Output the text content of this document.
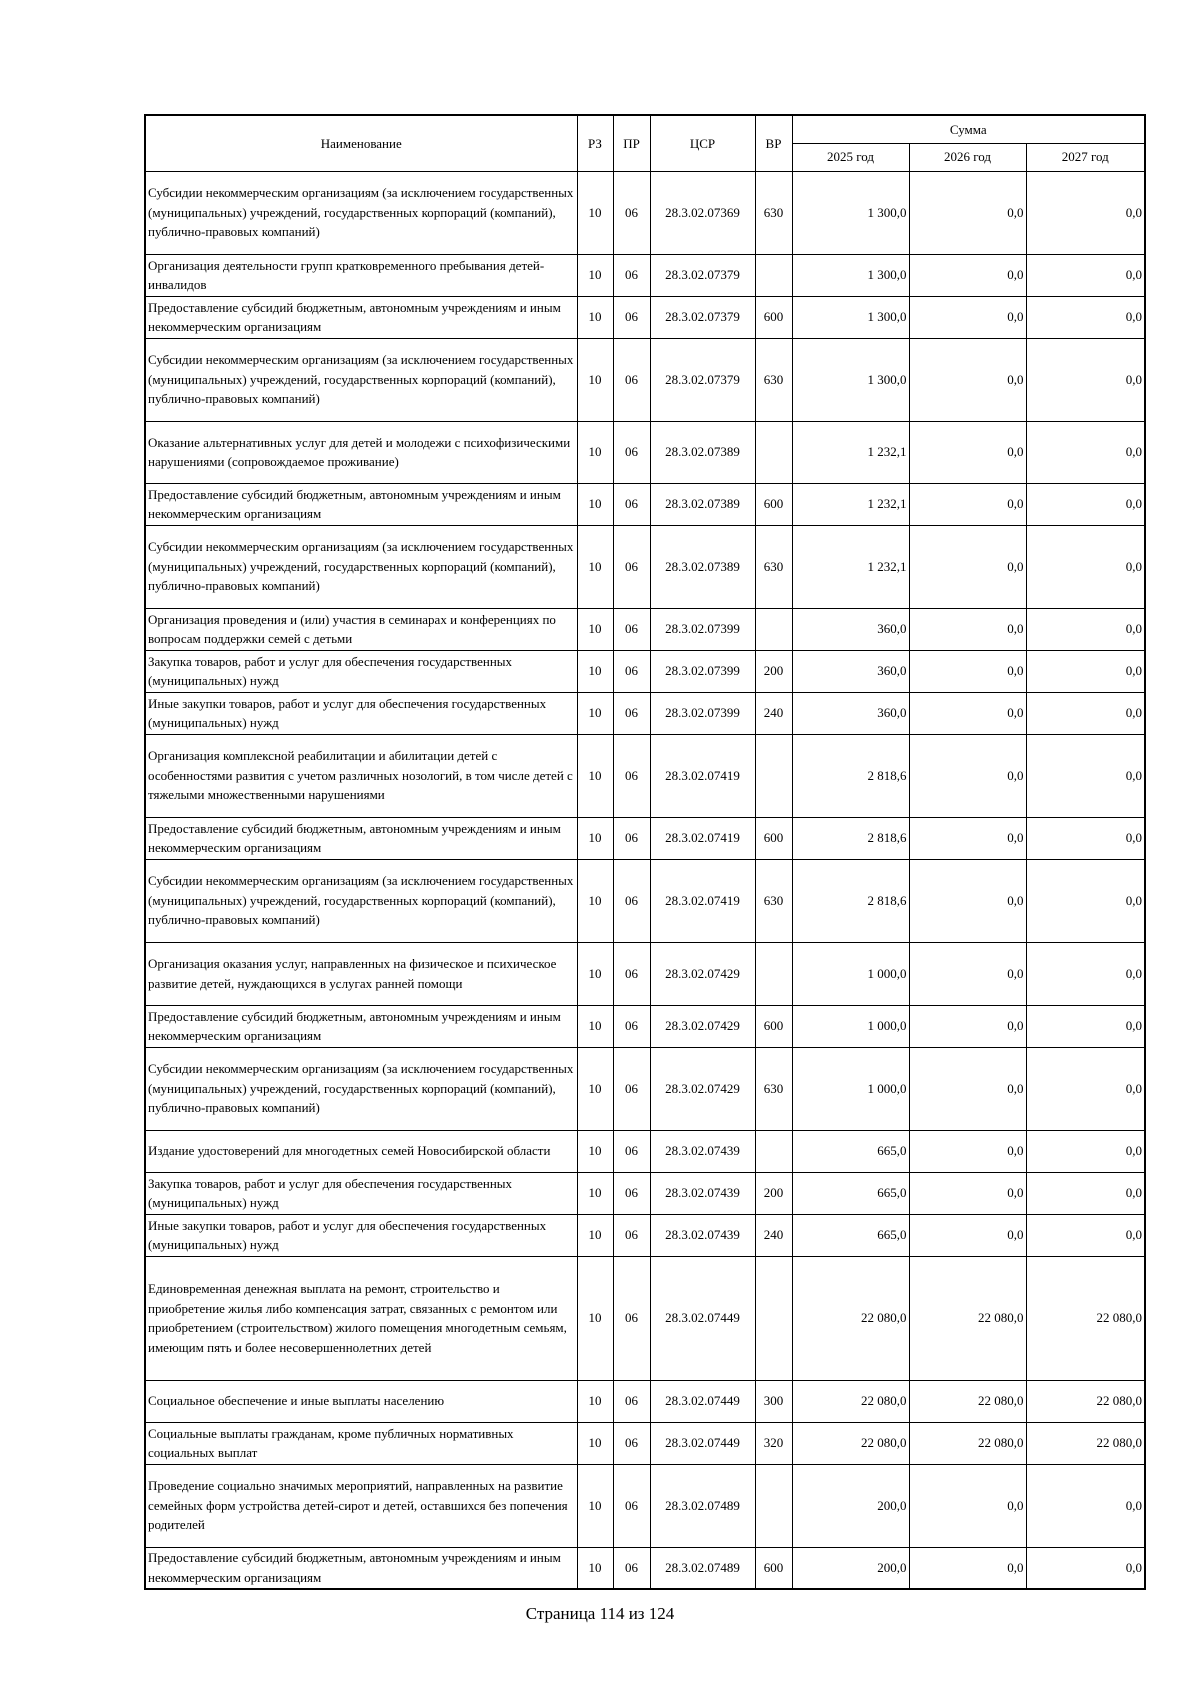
Наименование	РЗ	ПР	ЦСР	ВР	Сумма		
					2025 год	2026 год	2027 год
Субсидии некоммерческим организациям (за исключением государственных (муниципальных) учреждений, государственных корпораций (компаний), публично-правовых компаний)	10	06	28.3.02.07369	630	1 300,0	0,0	0,0
Организация деятельности групп кратковременного пребывания детей-инвалидов	10	06	28.3.02.07379		1 300,0	0,0	0,0
Предоставление субсидий бюджетным, автономным учреждениям и иным некоммерческим организациям	10	06	28.3.02.07379	600	1 300,0	0,0	0,0
Субсидии некоммерческим организациям (за исключением государственных (муниципальных) учреждений, государственных корпораций (компаний), публично-правовых компаний)	10	06	28.3.02.07379	630	1 300,0	0,0	0,0
Оказание альтернативных услуг для детей и молодежи с психофизическими нарушениями (сопровождаемое проживание)	10	06	28.3.02.07389		1 232,1	0,0	0,0
Предоставление субсидий бюджетным, автономным учреждениям и иным некоммерческим организациям	10	06	28.3.02.07389	600	1 232,1	0,0	0,0
Субсидии некоммерческим организациям (за исключением государственных (муниципальных) учреждений, государственных корпораций (компаний), публично-правовых компаний)	10	06	28.3.02.07389	630	1 232,1	0,0	0,0
Организация проведения и (или) участия в семинарах и конференциях по вопросам поддержки семей с детьми	10	06	28.3.02.07399		360,0	0,0	0,0
Закупка товаров, работ и услуг для обеспечения государственных (муниципальных) нужд	10	06	28.3.02.07399	200	360,0	0,0	0,0
Иные закупки товаров, работ и услуг для обеспечения государственных (муниципальных) нужд	10	06	28.3.02.07399	240	360,0	0,0	0,0
Организация комплексной реабилитации и абилитации детей с особенностями развития с учетом различных нозологий, в том числе детей с тяжелыми множественными нарушениями	10	06	28.3.02.07419		2 818,6	0,0	0,0
Предоставление субсидий бюджетным, автономным учреждениям и иным некоммерческим организациям	10	06	28.3.02.07419	600	2 818,6	0,0	0,0
Субсидии некоммерческим организациям (за исключением государственных (муниципальных) учреждений, государственных корпораций (компаний), публично-правовых компаний)	10	06	28.3.02.07419	630	2 818,6	0,0	0,0
Организация оказания услуг, направленных на физическое и психическое развитие детей, нуждающихся в услугах ранней помощи	10	06	28.3.02.07429		1 000,0	0,0	0,0
Предоставление субсидий бюджетным, автономным учреждениям и иным некоммерческим организациям	10	06	28.3.02.07429	600	1 000,0	0,0	0,0
Субсидии некоммерческим организациям (за исключением государственных (муниципальных) учреждений, государственных корпораций (компаний), публично-правовых компаний)	10	06	28.3.02.07429	630	1 000,0	0,0	0,0
Издание удостоверений для многодетных семей Новосибирской области	10	06	28.3.02.07439		665,0	0,0	0,0
Закупка товаров, работ и услуг для обеспечения государственных (муниципальных) нужд	10	06	28.3.02.07439	200	665,0	0,0	0,0
Иные закупки товаров, работ и услуг для обеспечения государственных (муниципальных) нужд	10	06	28.3.02.07439	240	665,0	0,0	0,0
Единовременная денежная выплата на ремонт, строительство и приобретение жилья либо компенсация затрат, связанных с ремонтом или приобретением (строительством) жилого помещения многодетным семьям, имеющим пять и более несовершеннолетних детей	10	06	28.3.02.07449		22 080,0	22 080,0	22 080,0
Социальное обеспечение и иные выплаты населению	10	06	28.3.02.07449	300	22 080,0	22 080,0	22 080,0
Социальные выплаты гражданам, кроме публичных нормативных социальных выплат	10	06	28.3.02.07449	320	22 080,0	22 080,0	22 080,0
Проведение социально значимых мероприятий, направленных на развитие семейных форм устройства детей-сирот и детей, оставшихся без попечения родителей	10	06	28.3.02.07489		200,0	0,0	0,0
Предоставление субсидий бюджетным, автономным учреждениям и иным некоммерческим организациям	10	06	28.3.02.07489	600	200,0	0,0	0,0
Страница 114 из 124
